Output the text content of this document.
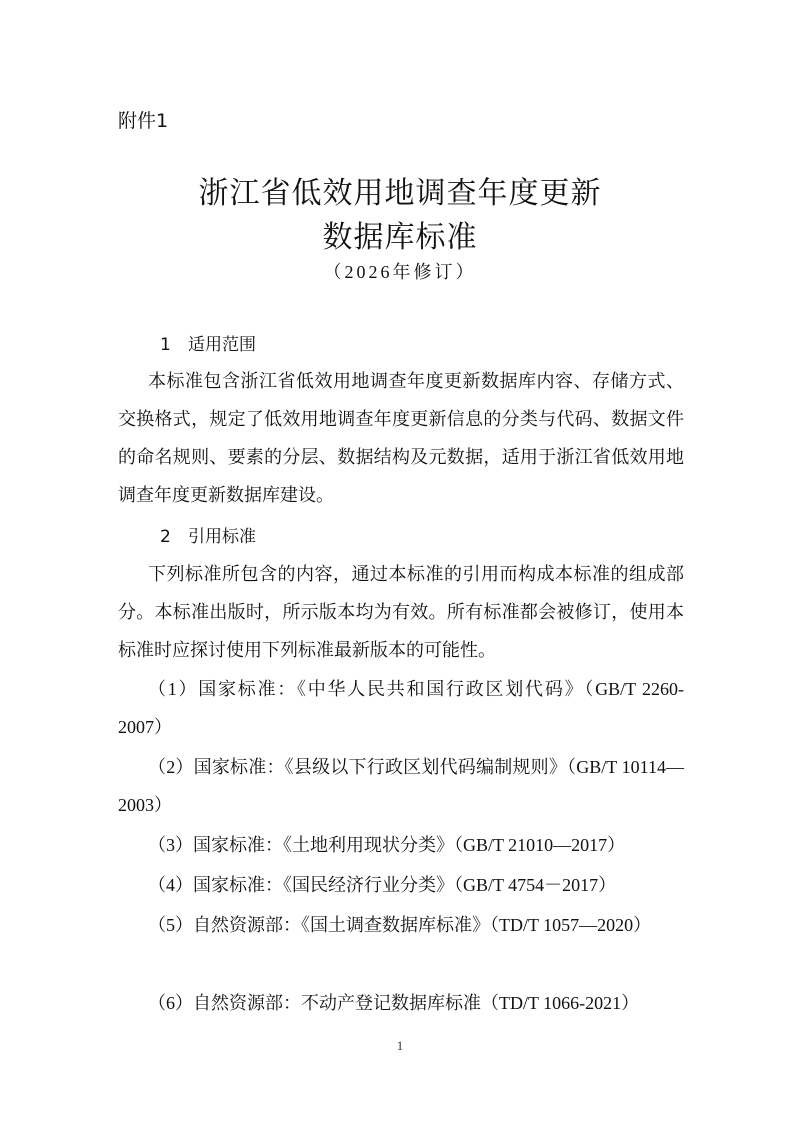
附件1
浙江省低效用地调查年度更新
数据库标准
（2026年修订）
1 适用范围

本标准包含浙江省低效用地调查年度更新数据库内容、存储方式、交换格式，规定了低效用地调查年度更新信息的分类与代码、数据文件的命名规则、要素的分层、数据结构及元数据，适用于浙江省低效用地调查年度更新数据库建设。

2 引用标准

下列标准所包含的内容，通过本标准的引用而构成本标准的组成部分。本标准出版时，所示版本均为有效。所有标准都会被修订，使用本标准时应探讨使用下列标准最新版本的可能性。

（1）国家标准：《中华人民共和国行政区划代码》（GB/T 2260-2007）

（2）国家标准：《县级以下行政区划代码编制规则》（GB/T 10114—2003）

（3）国家标准：《土地利用现状分类》（GB/T 21010—2017）

（4）国家标准：《国民经济行业分类》（GB/T 4754－2017）

（5）自然资源部：《国土调查数据库标准》（TD/T 1057—2020）

（6）自然资源部：不动产登记数据库标准（TD/T 1066-2021）

1
